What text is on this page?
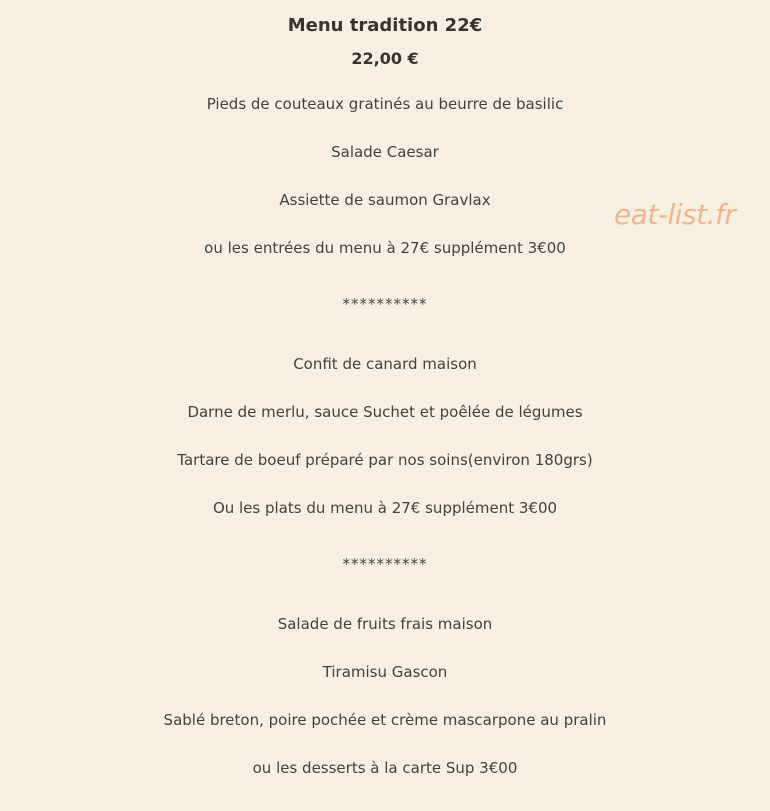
Menu tradition 22€
22,00 €
Pieds de couteaux gratinés au beurre de basilic
Salade Caesar
Assiette de saumon Gravlax
ou les entrées du menu à 27€ supplément 3€00
**********
Confit de canard maison
Darne de merlu, sauce Suchet et poêlée de légumes
Tartare de boeuf préparé par nos soins(environ 180grs)
Ou les plats du menu à 27€ supplément 3€00
**********
Salade de fruits frais maison
Tiramisu Gascon
Sablé breton, poire pochée et crème mascarpone au pralin
ou les desserts à la carte Sup 3€00
eat-list.fr
